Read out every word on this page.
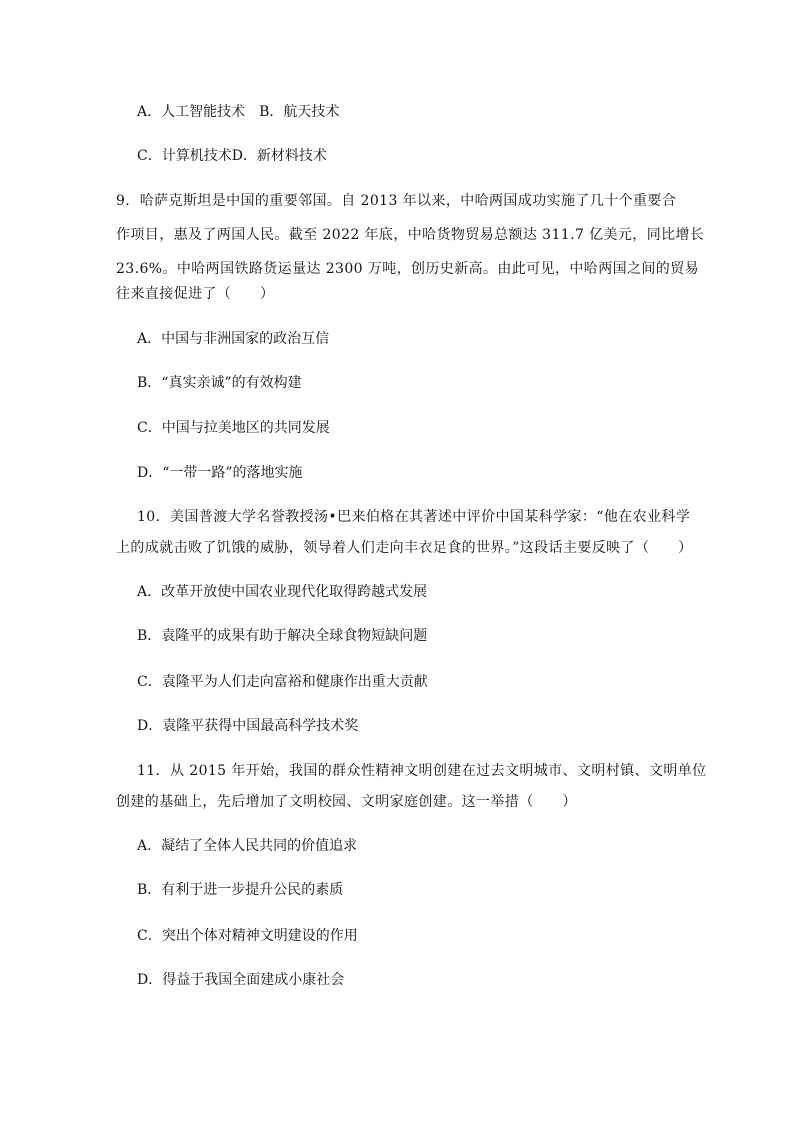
A．人工智能技术　B．航天技术
C．计算机技术D．新材料技术
9．哈萨克斯坦是中国的重要邻国。自 2013 年以来，中哈两国成功实施了几十个重要合
作项目，惠及了两国人民。截至 2022 年底，中哈货物贸易总额达 311.7 亿美元，同比增长
23.6%。中哈两国铁路货运量达 2300 万吨，创历史新高。由此可见，中哈两国之间的贸易
往来直接促进了（　　）
A．中国与非洲国家的政治互信
B．“真实亲诚”的有效构建
C．中国与拉美地区的共同发展
D．“一带一路”的落地实施
10．美国普渡大学名誉教授汤•巴来伯格在其著述中评价中国某科学家：“他在农业科学
上的成就击败了饥饿的威胁，领导着人们走向丰衣足食的世界。”这段话主要反映了（　　）
A．改革开放使中国农业现代化取得跨越式发展
B．袁隆平的成果有助于解决全球食物短缺问题
C．袁隆平为人们走向富裕和健康作出重大贡献
D．袁隆平获得中国最高科学技术奖
11．从 2015 年开始，我国的群众性精神文明创建在过去文明城市、文明村镇、文明单位
创建的基础上，先后增加了文明校园、文明家庭创建。这一举措（　　）
A．凝结了全体人民共同的价值追求
B．有利于进一步提升公民的素质
C．突出个体对精神文明建设的作用
D．得益于我国全面建成小康社会
